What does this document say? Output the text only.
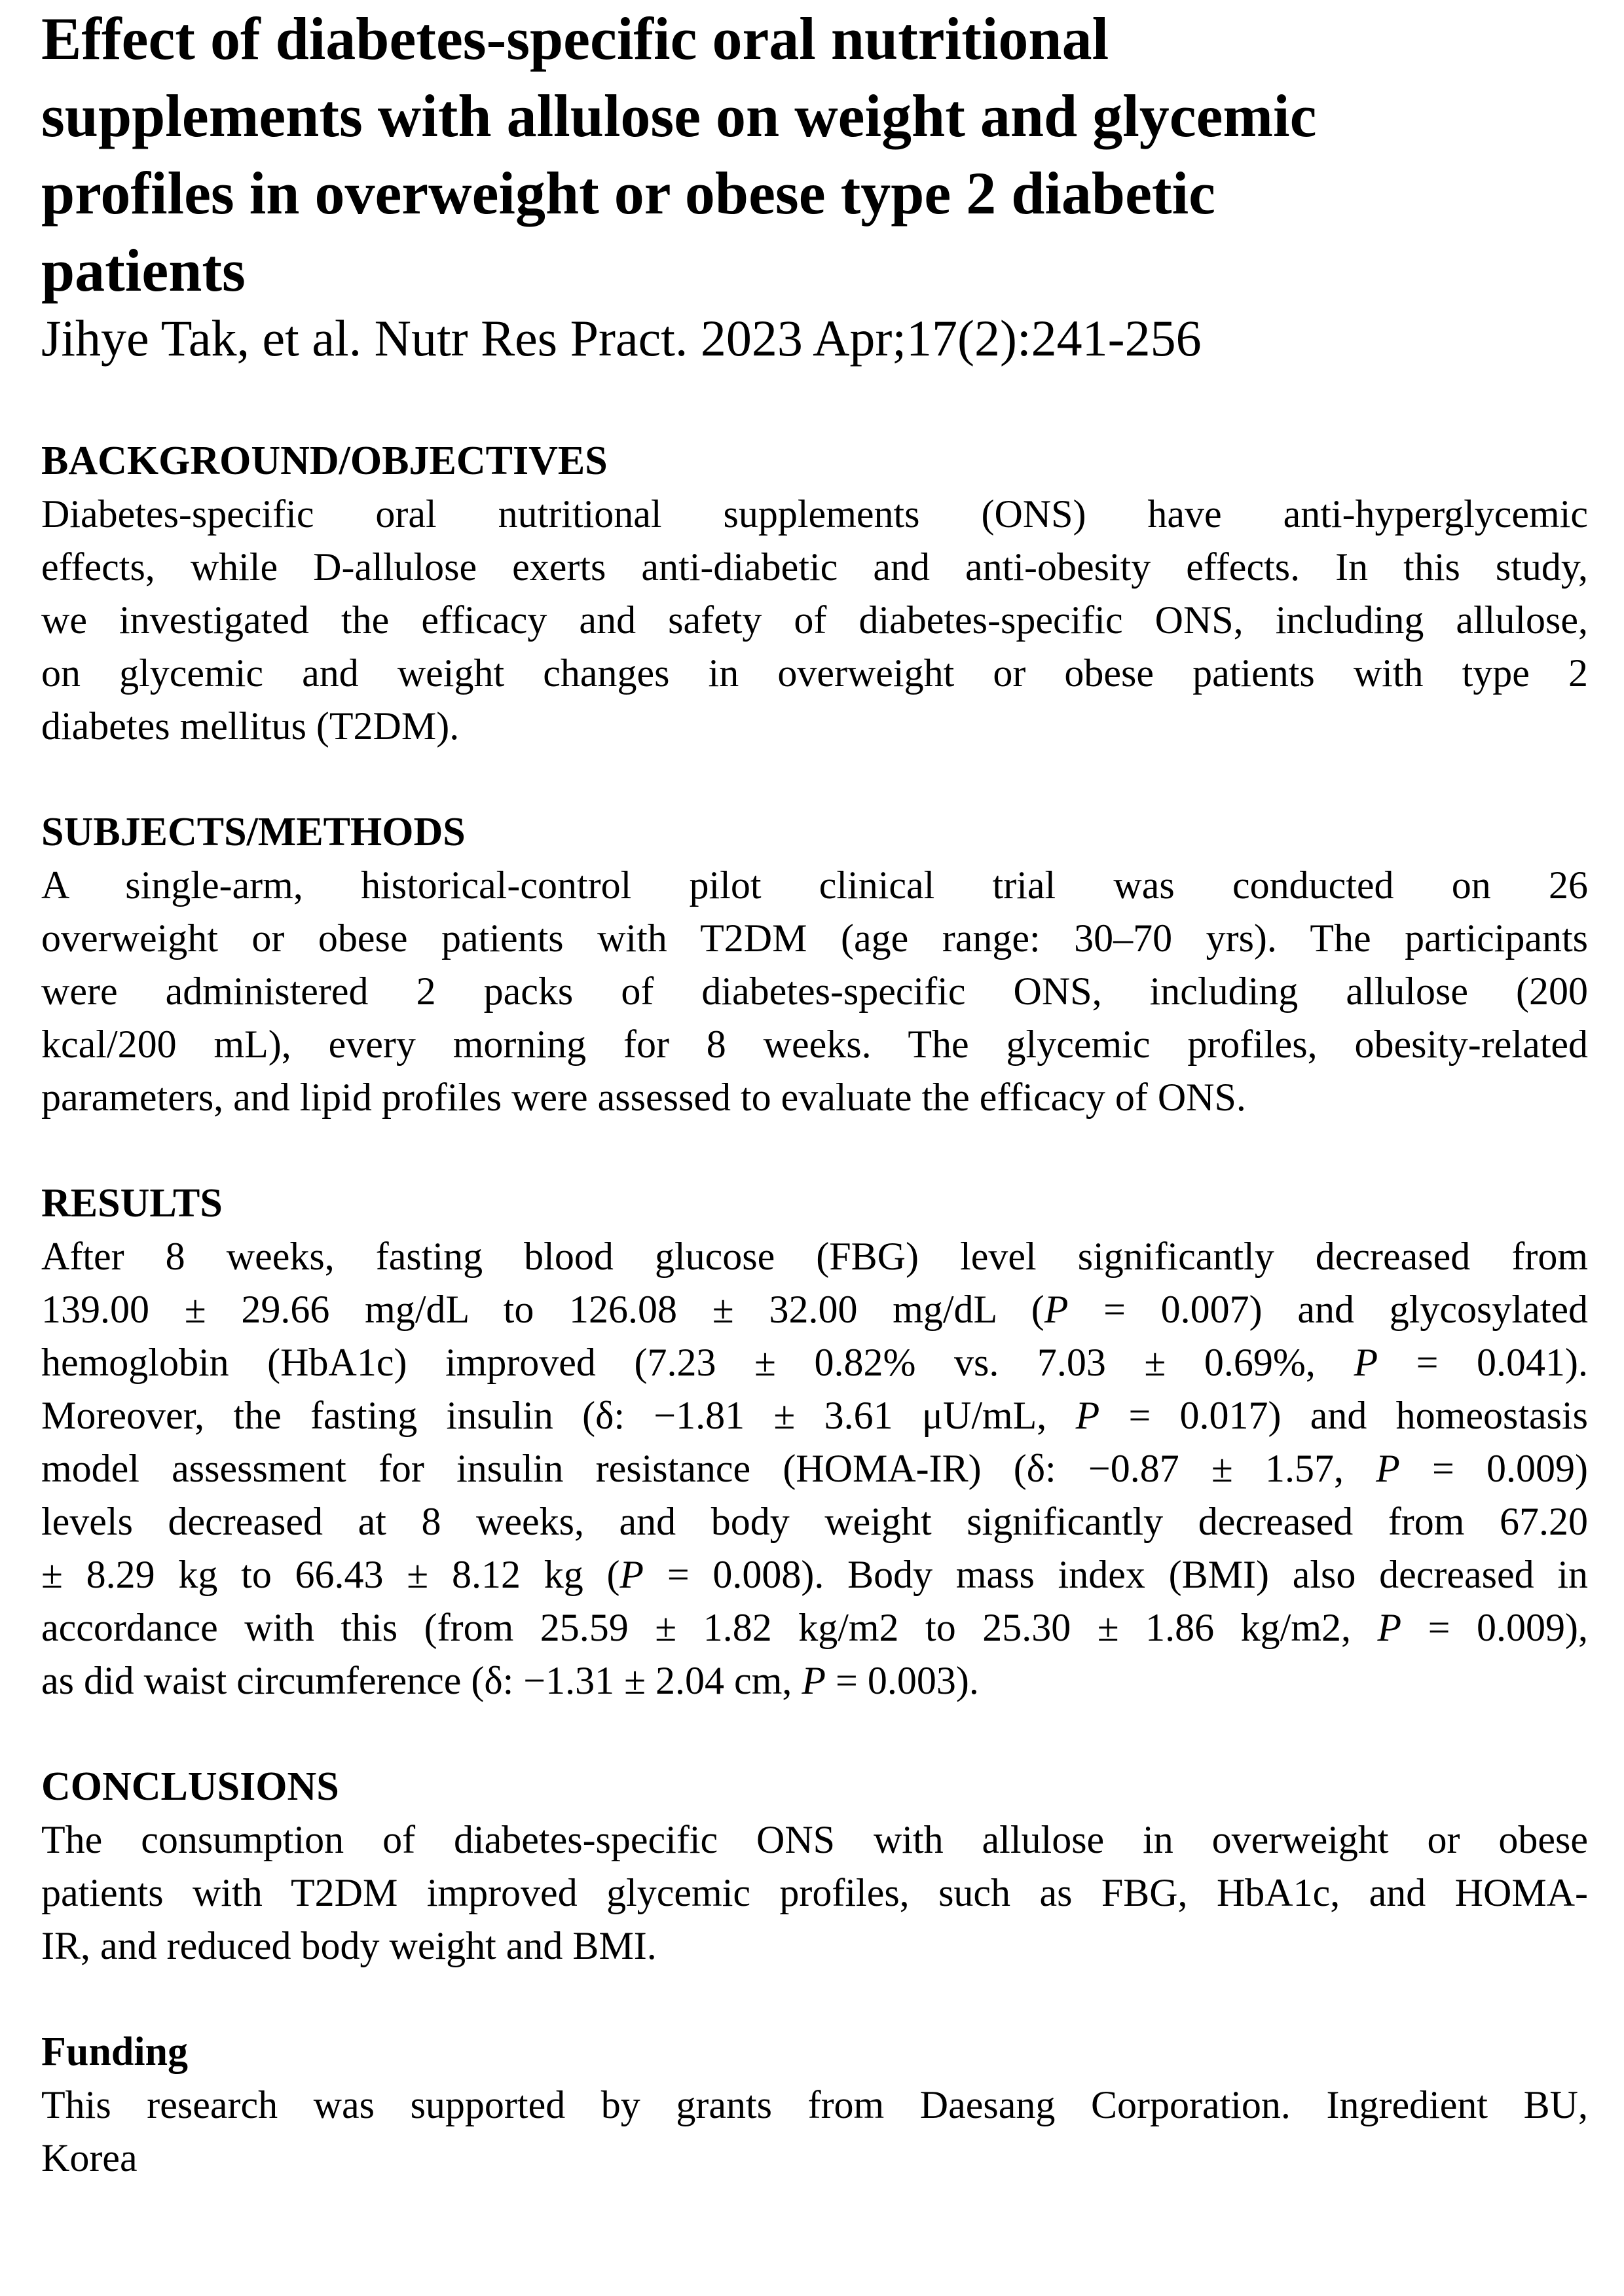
Effect of diabetes-specific oral nutritional
supplements with allulose on weight and glycemic
profiles in overweight or obese type 2 diabetic
patients

Jihye Tak, et al. Nutr Res Pract. 2023 Apr;17(2):241-256

BACKGROUND/OBJECTIVES
Diabetes-specific oral nutritional supplements (ONS) have anti-hyperglycemic
effects, while D-allulose exerts anti-diabetic and anti-obesity effects. In this study,
we investigated the efficacy and safety of diabetes-specific ONS, including allulose,
on glycemic and weight changes in overweight or obese patients with type 2
diabetes mellitus (T2DM).
SUBJECTS/METHODS
A single-arm, historical-control pilot clinical trial was conducted on 26
overweight or obese patients with T2DM (age range: 30–70 yrs). The participants
were administered 2 packs of diabetes-specific ONS, including allulose (200
kcal/200 mL), every morning for 8 weeks. The glycemic profiles, obesity-related
parameters, and lipid profiles were assessed to evaluate the efficacy of ONS.
RESULTS
After 8 weeks, fasting blood glucose (FBG) level significantly decreased from
139.00 ± 29.66 mg/dL to 126.08 ± 32.00 mg/dL (P = 0.007) and glycosylated
hemoglobin (HbA1c) improved (7.23 ± 0.82% vs. 7.03 ± 0.69%, P = 0.041).
Moreover, the fasting insulin (δ: −1.81 ± 3.61 μU/mL, P = 0.017) and homeostasis
model assessment for insulin resistance (HOMA-IR) (δ: −0.87 ± 1.57, P = 0.009)
levels decreased at 8 weeks, and body weight significantly decreased from 67.20
± 8.29 kg to 66.43 ± 8.12 kg (P = 0.008). Body mass index (BMI) also decreased in
accordance with this (from 25.59 ± 1.82 kg/m2 to 25.30 ± 1.86 kg/m2, P = 0.009),
as did waist circumference (δ: −1.31 ± 2.04 cm, P = 0.003).
CONCLUSIONS
The consumption of diabetes-specific ONS with allulose in overweight or obese
patients with T2DM improved glycemic profiles, such as FBG, HbA1c, and HOMA-
IR, and reduced body weight and BMI.
Funding
This research was supported by grants from Daesang Corporation. Ingredient BU,
Korea
